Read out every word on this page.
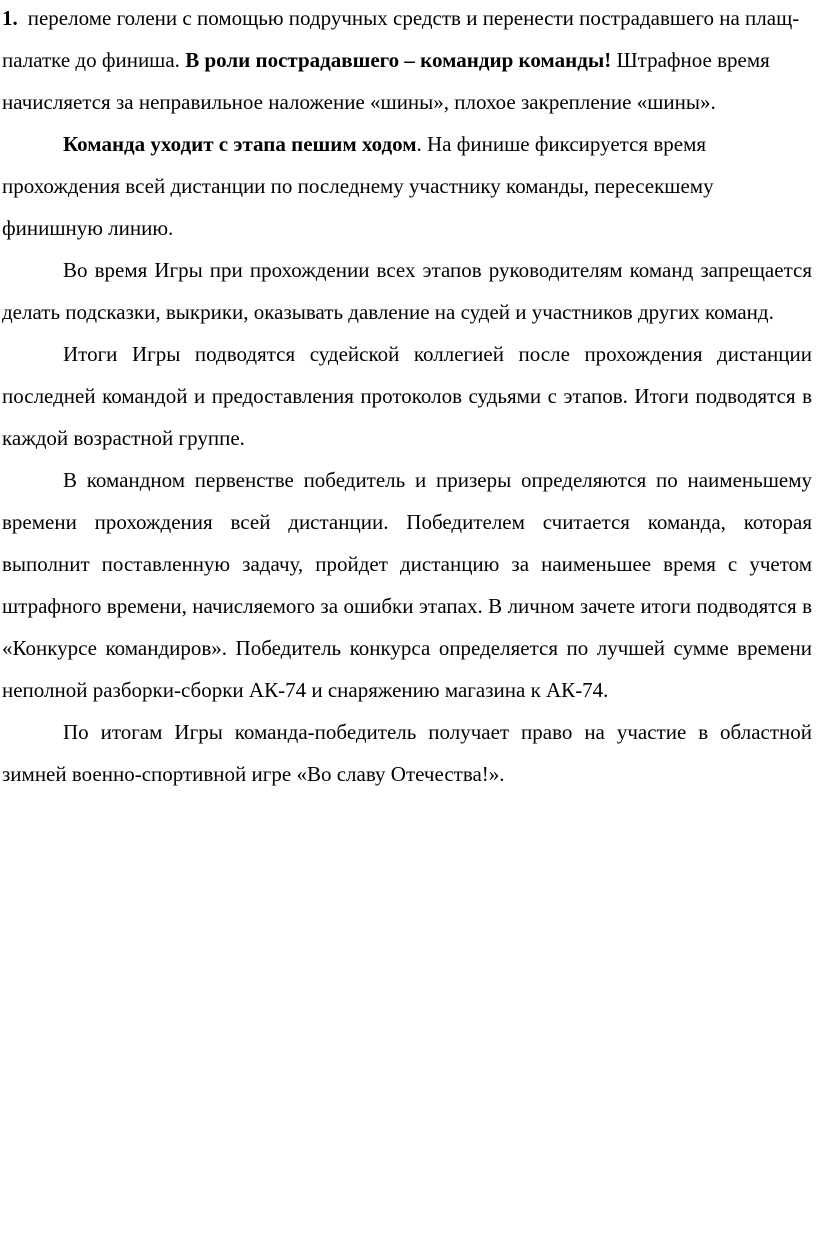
1. переломе голени с помощью подручных средств и перенести пострадавшего на плащ-палатке до финиша. В роли пострадавшего – командир команды! Штрафное время начисляется за неправильное наложение «шины», плохое закрепление «шины».

Команда уходит с этапа пешим ходом. На финише фиксируется время прохождения всей дистанции по последнему участнику команды, пересекшему финишную линию.

Во время Игры при прохождении всех этапов руководителям команд запрещается делать подсказки, выкрики, оказывать давление на судей и участников других команд.

Итоги Игры подводятся судейской коллегией после прохождения дистанции последней командой и предоставления протоколов судьями с этапов. Итоги подводятся в каждой возрастной группе.

В командном первенстве победитель и призеры определяются по наименьшему времени прохождения всей дистанции. Победителем считается команда, которая выполнит поставленную задачу, пройдет дистанцию за наименьшее время с учетом штрафного времени, начисляемого за ошибки этапах. В личном зачете итоги подводятся в «Конкурсе командиров». Победитель конкурса определяется по лучшей сумме времени неполной разборки-сборки АК-74 и снаряжению магазина к АК-74.

По итогам Игры команда-победитель получает право на участие в областной зимней военно-спортивной игре «Во славу Отечества!».
